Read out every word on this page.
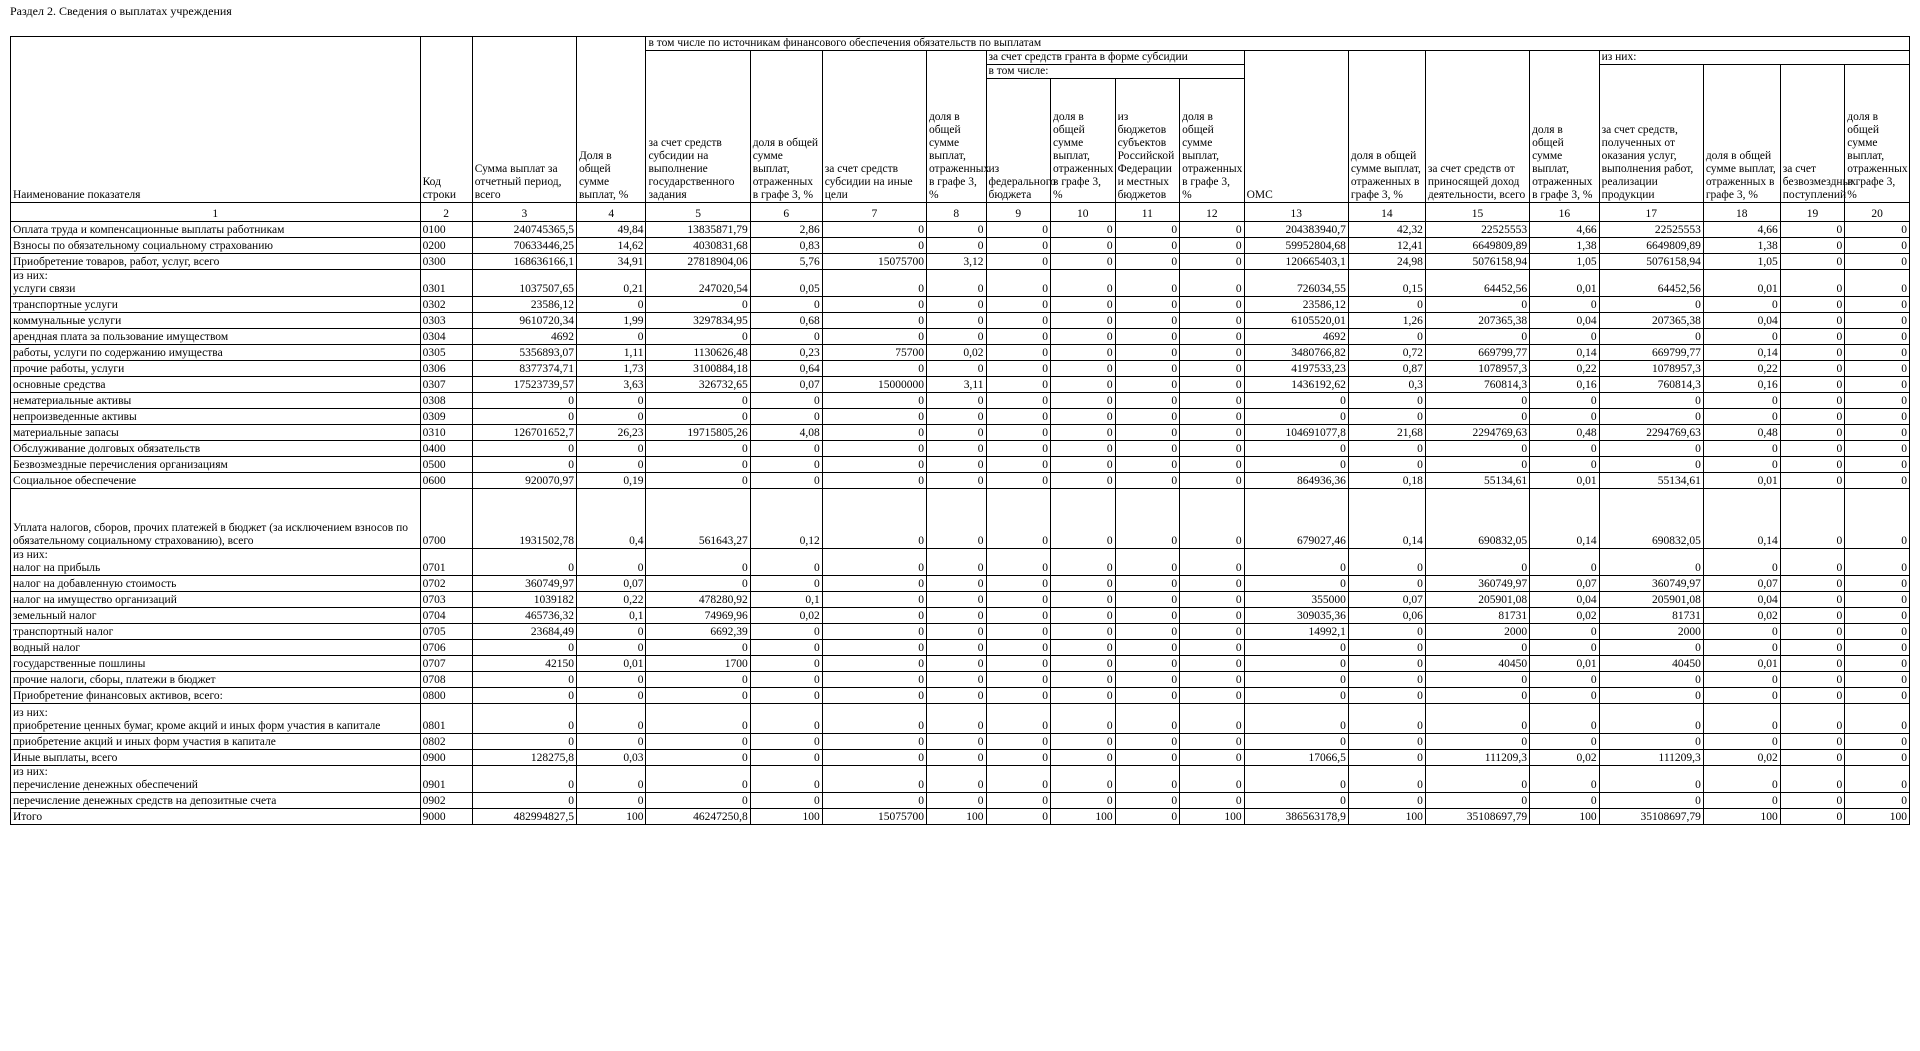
Раздел 2. Сведения о выплатах учреждения
Наименование показателя	Код строки	Сумма выплат за отчетный период, всего	Доля в общей сумме выплат, %	в том числе по источникам финансового обеспечения обязательств по выплатам															
				за счет средств субсидии на выполнение государственного задания	доля в общей сумме выплат, отраженных в графе 3, %	за счет средств субсидии на иные цели	доля в общей сумме выплат, отраженных в графе 3, %	за счет средств гранта в форме субсидии				ОМС	доля в общей сумме выплат, отраженных в графе 3, %	за счет средств от приносящей доход деятельности, всего	доля в общей сумме выплат, отраженных в графе 3, %	из них:			
								в том числе:								за счет средств, полученных от оказания услуг, выполнения работ, реализации продукции	доля в общей сумме выплат, отраженных в графе 3, %	за счет безвозмездных поступлений	доля в общей сумме выплат, отраженных в графе 3, %
								из федерального бюджета	доля в общей сумме выплат, отраженных в графе 3, %	из бюджетов субъектов Российской Федерации и местных бюджетов	доля в общей сумме выплат, отраженных в графе 3, %								
1	2	3	4	5	6	7	8	9	10	11	12	13	14	15	16	17	18	19	20
Оплата труда и компенсационные выплаты работникам	0100	240745365,5	49,84	13835871,79	2,86	0	0	0	0	0	0	204383940,7	42,32	22525553	4,66	22525553	4,66	0	0
Взносы по обязательному социальному страхованию	0200	70633446,25	14,62	4030831,68	0,83	0	0	0	0	0	0	59952804,68	12,41	6649809,89	1,38	6649809,89	1,38	0	0
Приобретение товаров, работ, услуг, всего	0300	168636166,1	34,91	27818904,06	5,76	15075700	3,12	0	0	0	0	120665403,1	24,98	5076158,94	1,05	5076158,94	1,05	0	0

из них:
услуги связи	0301	1037507,65	0,21	247020,54	0,05	0	0	0	0	0	0	726034,55	0,15	64452,56	0,01	64452,56	0,01	0	0
транспортные услуги	0302	23586,12	0	0	0	0	0	0	0	0	0	23586,12	0	0	0	0	0	0	0
коммунальные услуги	0303	9610720,34	1,99	3297834,95	0,68	0	0	0	0	0	0	6105520,01	1,26	207365,38	0,04	207365,38	0,04	0	0
арендная плата за пользование имуществом	0304	4692	0	0	0	0	0	0	0	0	0	4692	0	0	0	0	0	0	0
работы, услуги по содержанию имущества	0305	5356893,07	1,11	1130626,48	0,23	75700	0,02	0	0	0	0	3480766,82	0,72	669799,77	0,14	669799,77	0,14	0	0
прочие работы, услуги	0306	8377374,71	1,73	3100884,18	0,64	0	0	0	0	0	0	4197533,23	0,87	1078957,3	0,22	1078957,3	0,22	0	0
основные средства	0307	17523739,57	3,63	326732,65	0,07	15000000	3,11	0	0	0	0	1436192,62	0,3	760814,3	0,16	760814,3	0,16	0	0
нематериальные активы	0308	0	0	0	0	0	0	0	0	0	0	0	0	0	0	0	0	0	0
непроизведенные активы	0309	0	0	0	0	0	0	0	0	0	0	0	0	0	0	0	0	0	0
материальные запасы	0310	126701652,7	26,23	19715805,26	4,08	0	0	0	0	0	0	104691077,8	21,68	2294769,63	0,48	2294769,63	0,48	0	0
Обслуживание долговых обязательств	0400	0	0	0	0	0	0	0	0	0	0	0	0	0	0	0	0	0	0
Безвозмездные перечисления организациям	0500	0	0	0	0	0	0	0	0	0	0	0	0	0	0	0	0	0	0
Социальное обеспечение	0600	920070,97	0,19	0	0	0	0	0	0	0	0	864936,36	0,18	55134,61	0,01	55134,61	0,01	0	0
Уплата налогов, сборов, прочих платежей в бюджет (за исключением взносов по обязательному социальному страхованию), всего	0700	1931502,78	0,4	561643,27	0,12	0	0	0	0	0	0	679027,46	0,14	690832,05	0,14	690832,05	0,14	0	0

из них:
налог на прибыль	0701	0	0	0	0	0	0	0	0	0	0	0	0	0	0	0	0	0	0
налог на добавленную стоимость	0702	360749,97	0,07	0	0	0	0	0	0	0	0	0	0	360749,97	0,07	360749,97	0,07	0	0
налог на имущество организаций	0703	1039182	0,22	478280,92	0,1	0	0	0	0	0	0	355000	0,07	205901,08	0,04	205901,08	0,04	0	0
земельный налог	0704	465736,32	0,1	74969,96	0,02	0	0	0	0	0	0	309035,36	0,06	81731	0,02	81731	0,02	0	0
транспортный налог	0705	23684,49	0	6692,39	0	0	0	0	0	0	0	14992,1	0	2000	0	2000	0	0	0
водный налог	0706	0	0	0	0	0	0	0	0	0	0	0	0	0	0	0	0	0	0
государственные пошлины	0707	42150	0,01	1700	0	0	0	0	0	0	0	0	0	40450	0,01	40450	0,01	0	0
прочие налоги, сборы, платежи в бюджет	0708	0	0	0	0	0	0	0	0	0	0	0	0	0	0	0	0	0	0
Приобретение финансовых активов, всего:	0800	0	0	0	0	0	0	0	0	0	0	0	0	0	0	0	0	0	0

из них:
приобретение ценных бумаг, кроме акций и иных форм участия в капитале	0801	0	0	0	0	0	0	0	0	0	0	0	0	0	0	0	0	0	0
приобретение акций и иных форм участия в капитале	0802	0	0	0	0	0	0	0	0	0	0	0	0	0	0	0	0	0	0
Иные выплаты, всего	0900	128275,8	0,03	0	0	0	0	0	0	0	0	17066,5	0	111209,3	0,02	111209,3	0,02	0	0

из них:
перечисление денежных обеспечений	0901	0	0	0	0	0	0	0	0	0	0	0	0	0	0	0	0	0	0
перечисление денежных средств на депозитные счета	0902	0	0	0	0	0	0	0	0	0	0	0	0	0	0	0	0	0	0
Итого	9000	482994827,5	100	46247250,8	100	15075700	100	0	100	0	100	386563178,9	100	35108697,79	100	35108697,79	100	0	100
